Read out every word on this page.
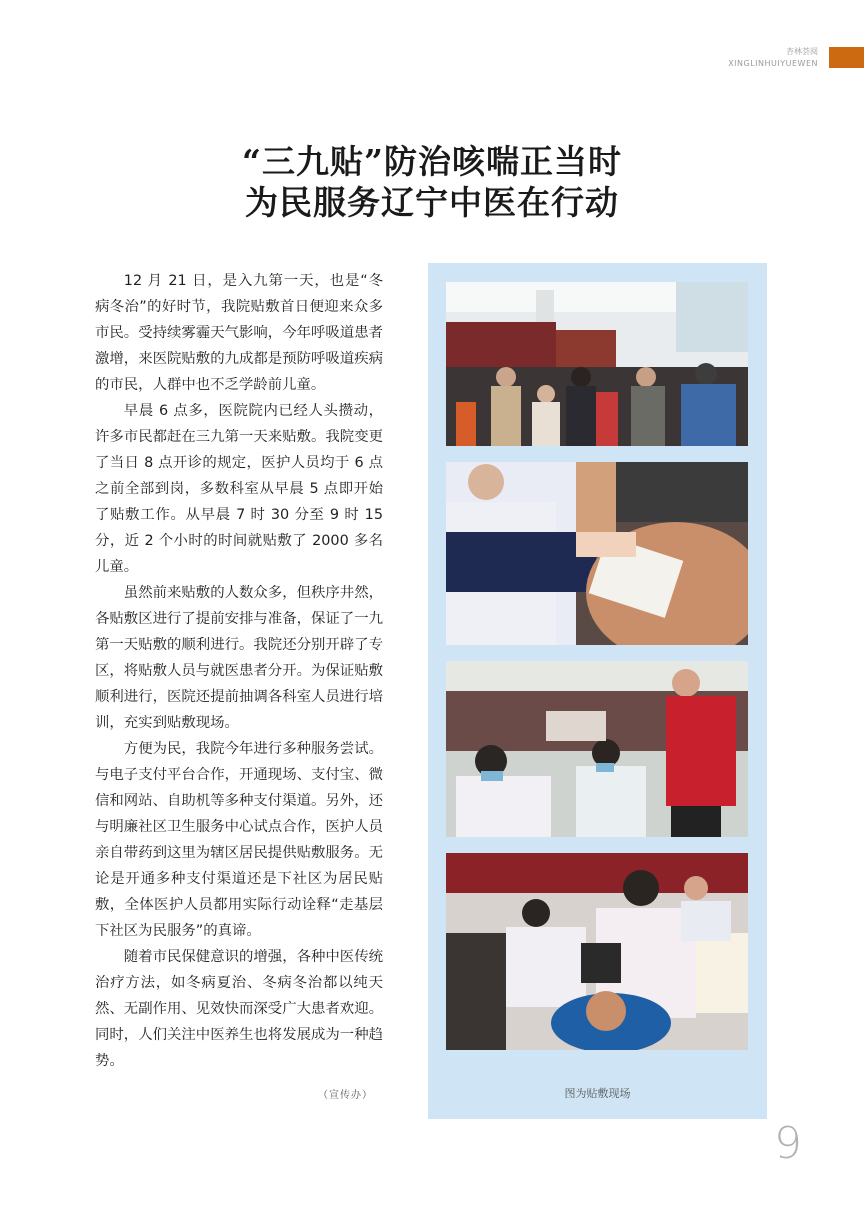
杏林荟阅
XINGLINHUIYUEWEN
“三九贴”防治咳喘正当时
为民服务辽宁中医在行动

12 月 21 日，是入九第一天，也是“冬病冬治”的好时节，我院贴敷首日便迎来众多市民。受持续雾霾天气影响，今年呼吸道患者激增，来医院贴敷的九成都是预防呼吸道疾病的市民，人群中也不乏学龄前儿童。

早晨 6 点多，医院院内已经人头攒动，许多市民都赶在三九第一天来贴敷。我院变更了当日 8 点开诊的规定，医护人员均于 6 点之前全部到岗，多数科室从早晨 5 点即开始了贴敷工作。从早晨 7 时 30 分至 9 时 15 分，近 2 个小时的时间就贴敷了 2000 多名儿童。

虽然前来贴敷的人数众多，但秩序井然，各贴敷区进行了提前安排与准备，保证了一九第一天贴敷的顺利进行。我院还分别开辟了专区，将贴敷人员与就医患者分开。为保证贴敷顺利进行，医院还提前抽调各科室人员进行培训，充实到贴敷现场。

方便为民，我院今年进行多种服务尝试。与电子支付平台合作，开通现场、支付宝、微信和网站、自助机等多种支付渠道。另外，还与明廉社区卫生服务中心试点合作，医护人员亲自带药到这里为辖区居民提供贴敷服务。无论是开通多种支付渠道还是下社区为居民贴敷，全体医护人员都用实际行动诠释“走基层下社区为民服务”的真谛。

随着市民保健意识的增强，各种中医传统治疗方法，如冬病夏治、冬病冬治都以纯天然、无副作用、见效快而深受广大患者欢迎。同时，人们关注中医养生也将发展成为一种趋势。

（宣传办）	图为贴敷现场
9
